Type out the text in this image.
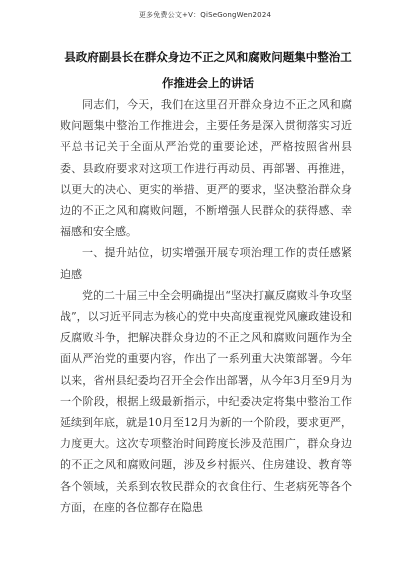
更多免费公文+V：QiSeGongWen2024
县政府副县长在群众身边不正之风和腐败问题集中整治工
作推进会上的讲话

同志们，今天，我们在这里召开群众身边不正之风和腐败问题集中整治工作推进会，主要任务是深入贯彻落实习近平总书记关于全面从严治党的重要论述，严格按照省州县委、县政府要求对这项工作进行再动员、再部署、再推进，以更大的决心、更实的举措、更严的要求，坚决整治群众身边的不正之风和腐败问题，不断增强人民群众的获得感、幸福感和安全感。

一、提升站位，切实增强开展专项治理工作的责任感紧迫感

党的二十届三中全会明确提出“坚决打赢反腐败斗争攻坚战”，以习近平同志为核心的党中央高度重视党风廉政建设和反腐败斗争，把解决群众身边的不正之风和腐败问题作为全面从严治党的重要内容，作出了一系列重大决策部署。今年以来，省州县纪委均召开全会作出部署，从今年3月至9月为一个阶段，根据上级最新指示，中纪委决定将集中整治工作延续到年底，就是10月至12月为新的一个阶段，要求更严，力度更大。这次专项整治时间跨度长涉及范围广，群众身边的不正之风和腐败问题，涉及乡村振兴、住房建设、教育等各个领域，关系到农牧民群众的衣食住行、生老病死等各个方面，在座的各位都存在隐患
